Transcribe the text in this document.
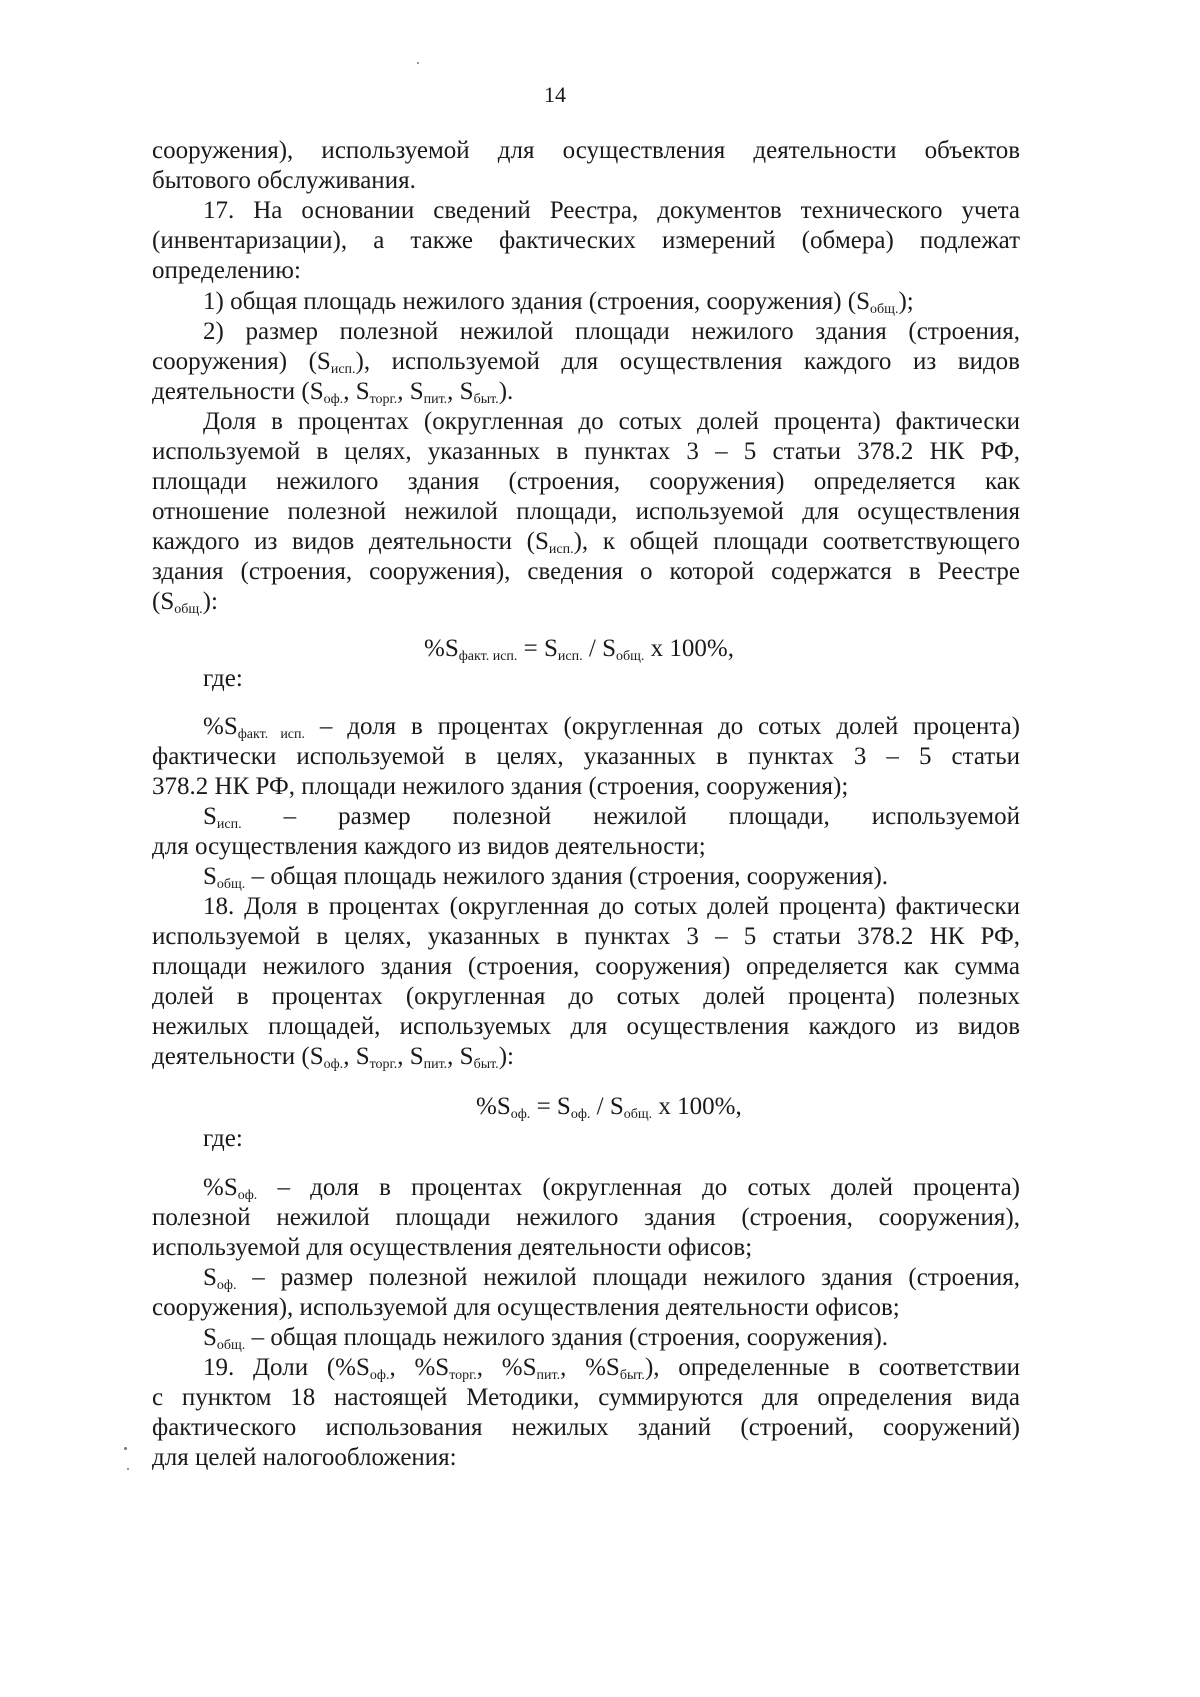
14
сооружения), используемой для осуществления деятельности объектов
бытового обслуживания.
17. На основании сведений Реестра, документов технического учета
(инвентаризации), а также фактических измерений (обмера) подлежат
определению:
1) общая площадь нежилого здания (строения, сооружения) $(S_{общ.})$;
2) размер полезной нежилой площади нежилого здания (строения,
сооружения) $(S_{исп.})$, используемой для осуществления каждого из видов
деятельности ($S_{оф.}$, $S_{торг.}$, $S_{пит.}$, $S_{быт.}$).
Доля в процентах (округленная до сотых долей процента) фактически
используемой в целях, указанных в пунктах 3 – 5 статьи 378.2 НК РФ,
площади нежилого здания (строения, сооружения) определяется как
отношение полезной нежилой площади, используемой для осуществления
каждого из видов деятельности $(S_{исп.})$, к общей площади соответствующего
здания (строения, сооружения), сведения о которой содержатся в Реестре
$(S_{общ.})$:
$\%S_{факт. исп.} = S_{исп.} / S_{общ.}$ x 100%,
где:
$\%S_{факт. исп.}$ – доля в процентах (округленная до сотых долей процента)
фактически используемой в целях, указанных в пунктах 3 – 5 статьи
378.2 НК РФ, площади нежилого здания (строения, сооружения);
$S_{исп.}$ – размер полезной нежилой площади, используемой
для осуществления каждого из видов деятельности;
$S_{общ.}$ – общая площадь нежилого здания (строения, сооружения).
18. Доля в процентах (округленная до сотых долей процента) фактически
используемой в целях, указанных в пунктах 3 – 5 статьи 378.2 НК РФ,
площади нежилого здания (строения, сооружения) определяется как сумма
долей в процентах (округленная до сотых долей процента) полезных
нежилых площадей, используемых для осуществления каждого из видов
деятельности ($S_{оф.}$, $S_{торг.}$, $S_{пит.}$, $S_{быт.}$):
$\%S_{оф.} = S_{оф.} / S_{общ.}$ x 100%,
где:
$\%S_{оф.}$ – доля в процентах (округленная до сотых долей процента)
полезной нежилой площади нежилого здания (строения, сооружения),
используемой для осуществления деятельности офисов;
$S_{оф.}$ – размер полезной нежилой площади нежилого здания (строения,
сооружения), используемой для осуществления деятельности офисов;
$S_{общ.}$ – общая площадь нежилого здания (строения, сооружения).
19. Доли ($\%S_{оф.}$, $\%S_{торг.}$, $\%S_{пит.}$, $\%S_{быт.}$), определенные в соответствии
с пунктом 18 настоящей Методики, суммируются для определения вида
фактического использования нежилых зданий (строений, сооружений)
для целей налогообложения:
